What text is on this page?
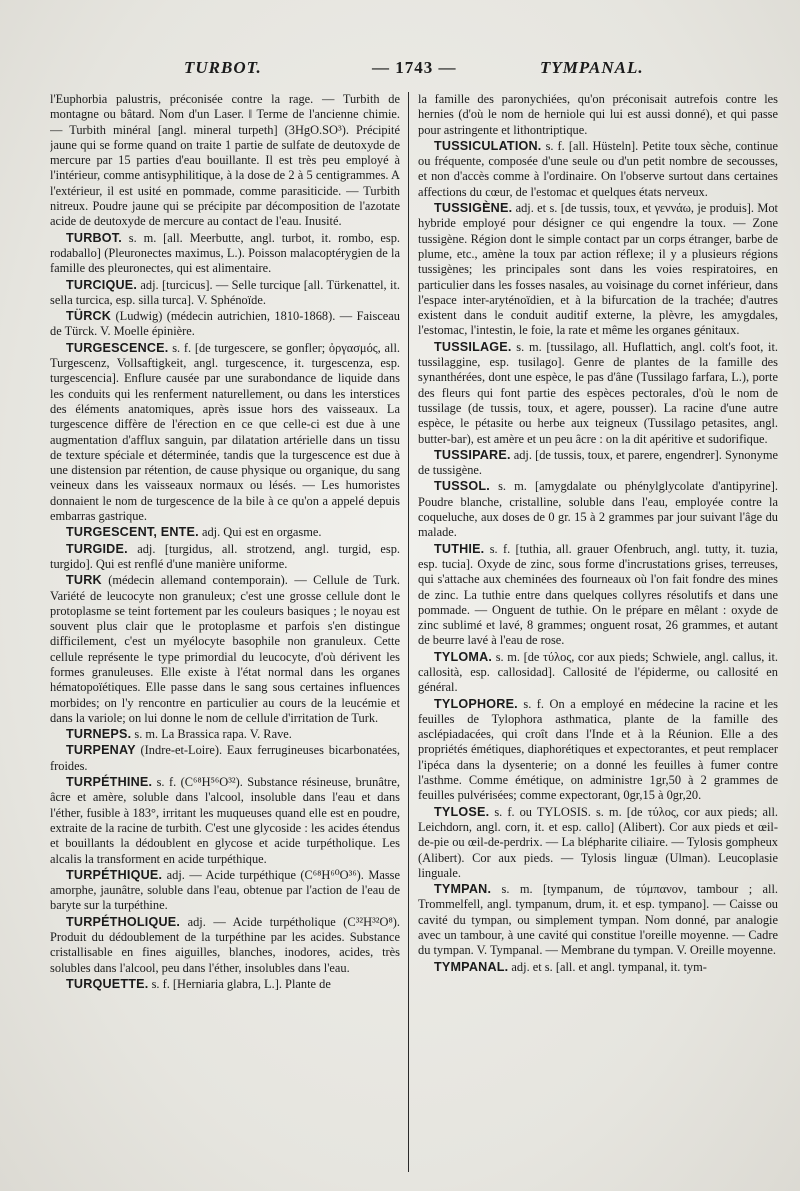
TURBOT.	— 1743 —	TYMPANAL.

l'Euphorbia palustris, préconisée contre la rage. — Turbith de montagne ou bâtard. Nom d'un Laser. ‖ Terme de l'ancienne chimie. — Turbith minéral [angl. mineral turpeth] (3HgO.SO³). Précipité jaune qui se forme quand on traite 1 partie de sulfate de deutoxyde de mercure par 15 parties d'eau bouillante. Il est très peu employé à l'intérieur, comme antisyphilitique, à la dose de 2 à 5 centigrammes. A l'extérieur, il est usité en pommade, comme parasiticide. — Turbith nitreux. Poudre jaune qui se précipite par décomposition de l'azotate acide de deutoxyde de mercure au contact de l'eau. Inusité.

TURBOT. s. m. [all. Meerbutte, angl. turbot, it. rombo, esp. rodaballo] (Pleuronectes maximus, L.). Poisson malacoptérygien de la famille des pleuronectes, qui est alimentaire.

TURCIQUE. adj. [turcicus]. — Selle turcique [all. Türkenattel, it. sella turcica, esp. silla turca]. V. Sphénoïde.

TÜRCK (Ludwig) (médecin autrichien, 1810-1868). — Faisceau de Türck. V. Moelle épinière.

TURGESCENCE. s. f. [de turgescere, se gonfler; ὀργασμός, all. Turgescenz, Vollsaftigkeit, angl. turgescence, it. turgescenza, esp. turgescencia]. Enflure causée par une surabondance de liquide dans les conduits qui les renferment naturellement, ou dans les interstices des éléments anatomiques, après issue hors des vaisseaux. La turgescence diffère de l'érection en ce que celle-ci est due à une augmentation d'afflux sanguin, par dilatation artérielle dans un tissu de texture spéciale et déterminée, tandis que la turgescence est due à une distension par rétention, de cause physique ou organique, du sang veineux dans les vaisseaux normaux ou lésés. — Les humoristes donnaient le nom de turgescence de la bile à ce qu'on a appelé depuis embarras gastrique.

TURGESCENT, ENTE. adj. Qui est en orgasme.

TURGIDE. adj. [turgidus, all. strotzend, angl. turgid, esp. turgido]. Qui est renflé d'une manière uniforme.

TURK (médecin allemand contemporain). — Cellule de Turk. Variété de leucocyte non granuleux; c'est une grosse cellule dont le protoplasme se teint fortement par les couleurs basiques ; le noyau est souvent plus clair que le protoplasme et parfois s'en distingue difficilement, c'est un myélocyte basophile non granuleux. Cette cellule représente le type primordial du leucocyte, d'où dérivent les formes granuleuses. Elle existe à l'état normal dans les organes hématopoïétiques. Elle passe dans le sang sous certaines influences morbides; on l'y rencontre en particulier au cours de la leucémie et dans la variole; on lui donne le nom de cellule d'irritation de Turk.

TURNEPS. s. m. La Brassica rapa. V. Rave.

TURPENAY (Indre-et-Loire). Eaux ferrugineuses bicarbonatées, froides.

TURPÉTHINE. s. f. (C⁶⁸H⁵⁶O³²). Substance résineuse, brunâtre, âcre et amère, soluble dans l'alcool, insoluble dans l'eau et dans l'éther, fusible à 183°, irritant les muqueuses quand elle est en poudre, extraite de la racine de turbith. C'est une glycoside : les acides étendus et bouillants la dédoublent en glycose et acide turpétholique. Les alcalis la transforment en acide turpéthique.

TURPÉTHIQUE. adj. — Acide turpéthique (C⁶⁸H⁶⁰O³⁶). Masse amorphe, jaunâtre, soluble dans l'eau, obtenue par l'action de l'eau de baryte sur la turpéthine.

TURPÉTHOLIQUE. adj. — Acide turpétholique (C³²H³²O⁸). Produit du dédoublement de la turpéthine par les acides. Substance cristallisable en fines aiguilles, blanches, inodores, acides, très solubles dans l'alcool, peu dans l'éther, insolubles dans l'eau.

TURQUETTE. s. f. [Herniaria glabra, L.]. Plante de

la famille des paronychiées, qu'on préconisait autrefois contre les hernies (d'où le nom de herniole qui lui est aussi donné), et qui passe pour astringente et lithontriptique.

TUSSICULATION. s. f. [all. Hüsteln]. Petite toux sèche, continue ou fréquente, composée d'une seule ou d'un petit nombre de secousses, et non d'accès comme à l'ordinaire. On l'observe surtout dans certaines affections du cœur, de l'estomac et quelques états nerveux.

TUSSIGÈNE. adj. et s. [de tussis, toux, et γεννάω, je produis]. Mot hybride employé pour désigner ce qui engendre la toux. — Zone tussigène. Région dont le simple contact par un corps étranger, barbe de plume, etc., amène la toux par action réflexe; il y a plusieurs régions tussigènes; les principales sont dans les voies respiratoires, en particulier dans les fosses nasales, au voisinage du cornet inférieur, dans l'espace inter-aryténoïdien, et à la bifurcation de la trachée; d'autres existent dans le conduit auditif externe, la plèvre, les amygdales, l'estomac, l'intestin, le foie, la rate et même les organes génitaux.

TUSSILAGE. s. m. [tussilago, all. Huflattich, angl. colt's foot, it. tussilaggine, esp. tusilago]. Genre de plantes de la famille des synanthérées, dont une espèce, le pas d'âne (Tussilago farfara, L.), porte des fleurs qui font partie des espèces pectorales, d'où le nom de tussilage (de tussis, toux, et agere, pousser). La racine d'une autre espèce, le pétasite ou herbe aux teigneux (Tussilago petasites, angl. butter-bar), est amère et un peu âcre : on la dit apéritive et sudorifique.

TUSSIPARE. adj. [de tussis, toux, et parere, engendrer]. Synonyme de tussigène.

TUSSOL. s. m. [amygdalate ou phénylglycolate d'antipyrine]. Poudre blanche, cristalline, soluble dans l'eau, employée contre la coqueluche, aux doses de 0 gr. 15 à 2 grammes par jour suivant l'âge du malade.

TUTHIE. s. f. [tuthia, all. grauer Ofenbruch, angl. tutty, it. tuzia, esp. tucia]. Oxyde de zinc, sous forme d'incrustations grises, terreuses, qui s'attache aux cheminées des fourneaux où l'on fait fondre des mines de zinc. La tuthie entre dans quelques collyres résolutifs et dans une pommade. — Onguent de tuthie. On le prépare en mêlant : oxyde de zinc sublimé et lavé, 8 grammes; onguent rosat, 26 grammes, et autant de beurre lavé à l'eau de rose.

TYLOMA. s. m. [de τύλος, cor aux pieds; Schwiele, angl. callus, it. callosità, esp. callosidad]. Callosité de l'épiderme, ou callosité en général.

TYLOPHORE. s. f. On a employé en médecine la racine et les feuilles de Tylophora asthmatica, plante de la famille des asclépiadacées, qui croît dans l'Inde et à la Réunion. Elle a des propriétés émétiques, diaphorétiques et expectorantes, et peut remplacer l'ipéca dans la dysenterie; on a donné les feuilles à fumer contre l'asthme. Comme émétique, on administre 1gr,50 à 2 grammes de feuilles pulvérisées; comme expectorant, 0gr,15 à 0gr,20.

TYLOSE. s. f. ou TYLOSIS. s. m. [de τύλος, cor aux pieds; all. Leichdorn, angl. corn, it. et esp. callo] (Alibert). Cor aux pieds et œil-de-pie ou œil-de-perdrix. — La blépharite ciliaire. — Tylosis gompheux (Alibert). Cor aux pieds. — Tylosis linguæ (Ulman). Leucoplasie linguale.

TYMPAN. s. m. [tympanum, de τύμπανον, tambour ; all. Trommelfell, angl. tympanum, drum, it. et esp. tympano]. — Caisse ou cavité du tympan, ou simplement tympan. Nom donné, par analogie avec un tambour, à une cavité qui constitue l'oreille moyenne. — Cadre du tympan. V. Tympanal. — Membrane du tympan. V. Oreille moyenne.

TYMPANAL. adj. et s. [all. et angl. tympanal, it. tym-
